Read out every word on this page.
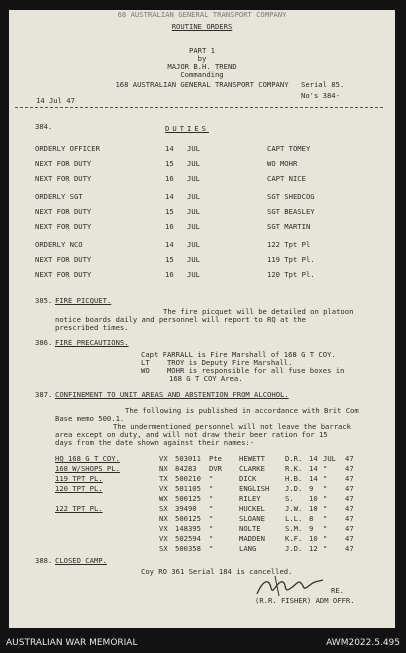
68 AUSTRALIAN GENERAL TRANSPORT COMPANY
ROUTINE ORDERS
PART 1
by
MAJOR B.H. TREND
Commanding
168 AUSTRALIAN GENERAL TRANSPORT COMPANY
14 Jul 47
Serial 85.
No's 384-
384.	DUTIES
ORDERLY OFFICER	14 JUL	CAPT TOMEY
NEXT FOR DUTY	15 JUL	WO MOHR
NEXT FOR DUTY	16 JUL	CAPT NICE
ORDERLY SGT	14 JUL	SGT SHEDCOG
NEXT FOR DUTY	15 JUL	SGT BEASLEY
NEXT FOR DUTY	16 JUL	SGT MARTIN
ORDERLY NCO	14 JUL	122 Tpt Pl
NEXT FOR DUTY	15 JUL	119 Tpt Pl.
NEXT FOR DUTY	16 JUL	120 Tpt Pl.
385. FIRE PICQUET.
The fire picquet will be detailed on platoon
notice boards daily and personnel will report to RQ at the
prescribed times.
386. FIRE PRECAUTIONS.
Capt FARRALL is Fire Marshall of 168 G T COY.
LT    TROY is Deputy Fire Marshall.
WO    MOHR is responsible for all fuse boxes in
168 G T COY Area.
387. CONFINEMENT TO UNIT AREAS AND ABSTENTION FROM ALCOHOL.
The following is published in accordance with Brit Com
Base memo 500.1.
The undermentioned personnel will not leave the barrack
area except on duty, and will not draw their beer ration for 15
days from the date shown against their names:-
HQ 168 G T COY.	VX 503011 Pte HEWETT	D.R. 14 JUL 47
168 W/SHOPS PL.	NX 84283 DVR CLARKE	R.K. 14 " 47
119 TPT PL.	TX 500210 "	DICK	H.B. 14 " 47
120 TPT PL.	VX 501105 "	ENGLISH J.D. 9 " 47
WX 500125 "	RILEY	S. 10 " 47
122 TPT PL.	SX 39490 "	HUCKEL	J.W. 10 " 47
NX 500125 "	SLOANE	L.L. 8 " 47
VX 148395 "	NOLTE	S.M. 9 " 47
VX 502594 "	MADDEN	K.F. 10 " 47
SX 500358 "	LANG	J.D. 12 " 47
388. CLOSED CAMP.
Coy RO 361 Serial 184 is cancelled.
RE.
(R.R. FISHER) ADM OFFR.
AUSTRALIAN WAR MEMORIAL	AWM2022.5.495
